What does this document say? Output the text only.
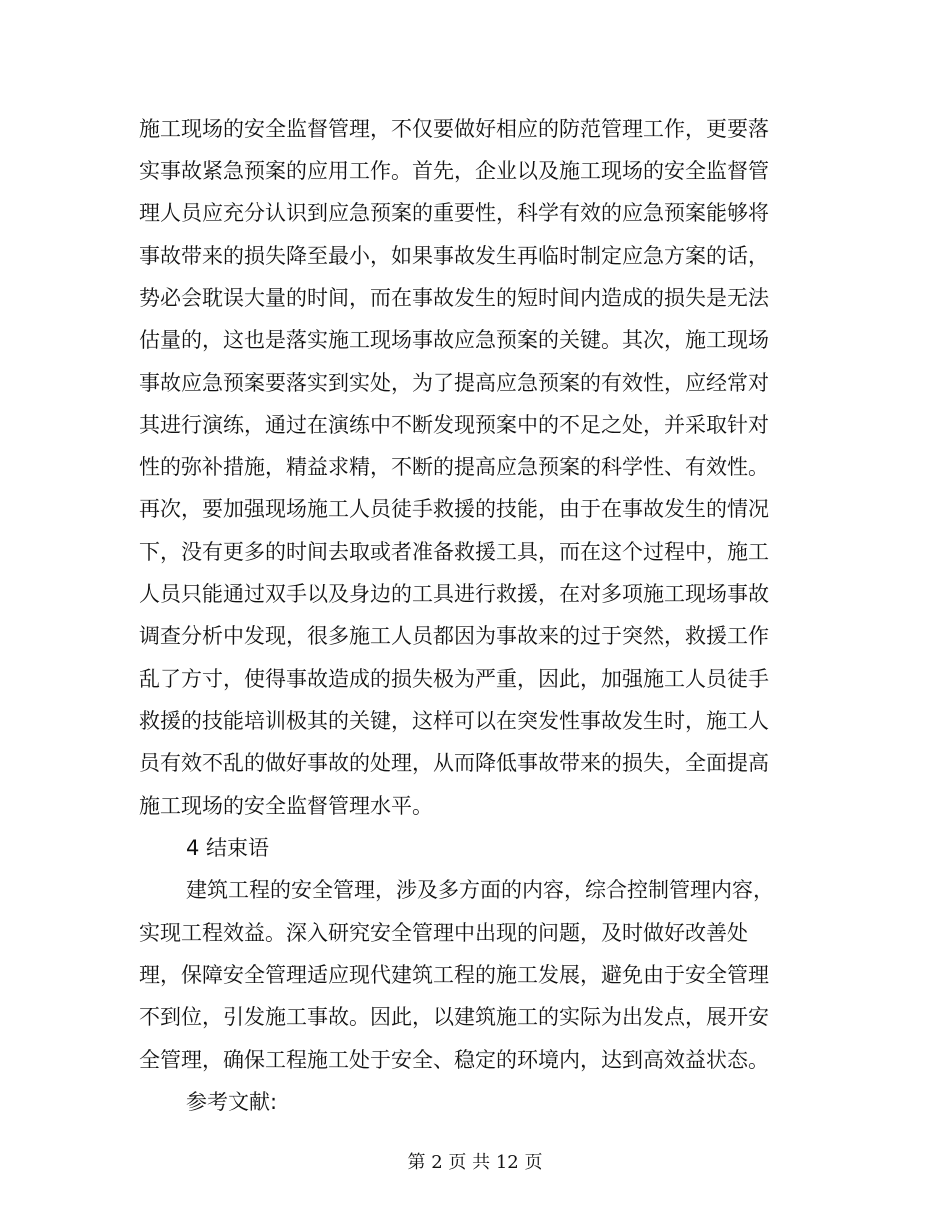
施工现场的安全监督管理，不仅要做好相应的防范管理工作，更要落
实事故紧急预案的应用工作。首先，企业以及施工现场的安全监督管
理人员应充分认识到应急预案的重要性，科学有效的应急预案能够将
事故带来的损失降至最小，如果事故发生再临时制定应急方案的话，
势必会耽误大量的时间，而在事故发生的短时间内造成的损失是无法
估量的，这也是落实施工现场事故应急预案的关键。其次，施工现场
事故应急预案要落实到实处，为了提高应急预案的有效性，应经常对
其进行演练，通过在演练中不断发现预案中的不足之处，并采取针对
性的弥补措施，精益求精，不断的提高应急预案的科学性、有效性。
再次，要加强现场施工人员徒手救援的技能，由于在事故发生的情况
下，没有更多的时间去取或者准备救援工具，而在这个过程中，施工
人员只能通过双手以及身边的工具进行救援，在对多项施工现场事故
调查分析中发现，很多施工人员都因为事故来的过于突然，救援工作
乱了方寸，使得事故造成的损失极为严重，因此，加强施工人员徒手
救援的技能培训极其的关键，这样可以在突发性事故发生时，施工人
员有效不乱的做好事故的处理，从而降低事故带来的损失，全面提高
施工现场的安全监督管理水平。
4 结束语
建筑工程的安全管理，涉及多方面的内容，综合控制管理内容，
实现工程效益。深入研究安全管理中出现的问题，及时做好改善处
理，保障安全管理适应现代建筑工程的施工发展，避免由于安全管理
不到位，引发施工事故。因此，以建筑施工的实际为出发点，展开安
全管理，确保工程施工处于安全、稳定的环境内，达到高效益状态。
参考文献:
第 2 页 共 12 页
